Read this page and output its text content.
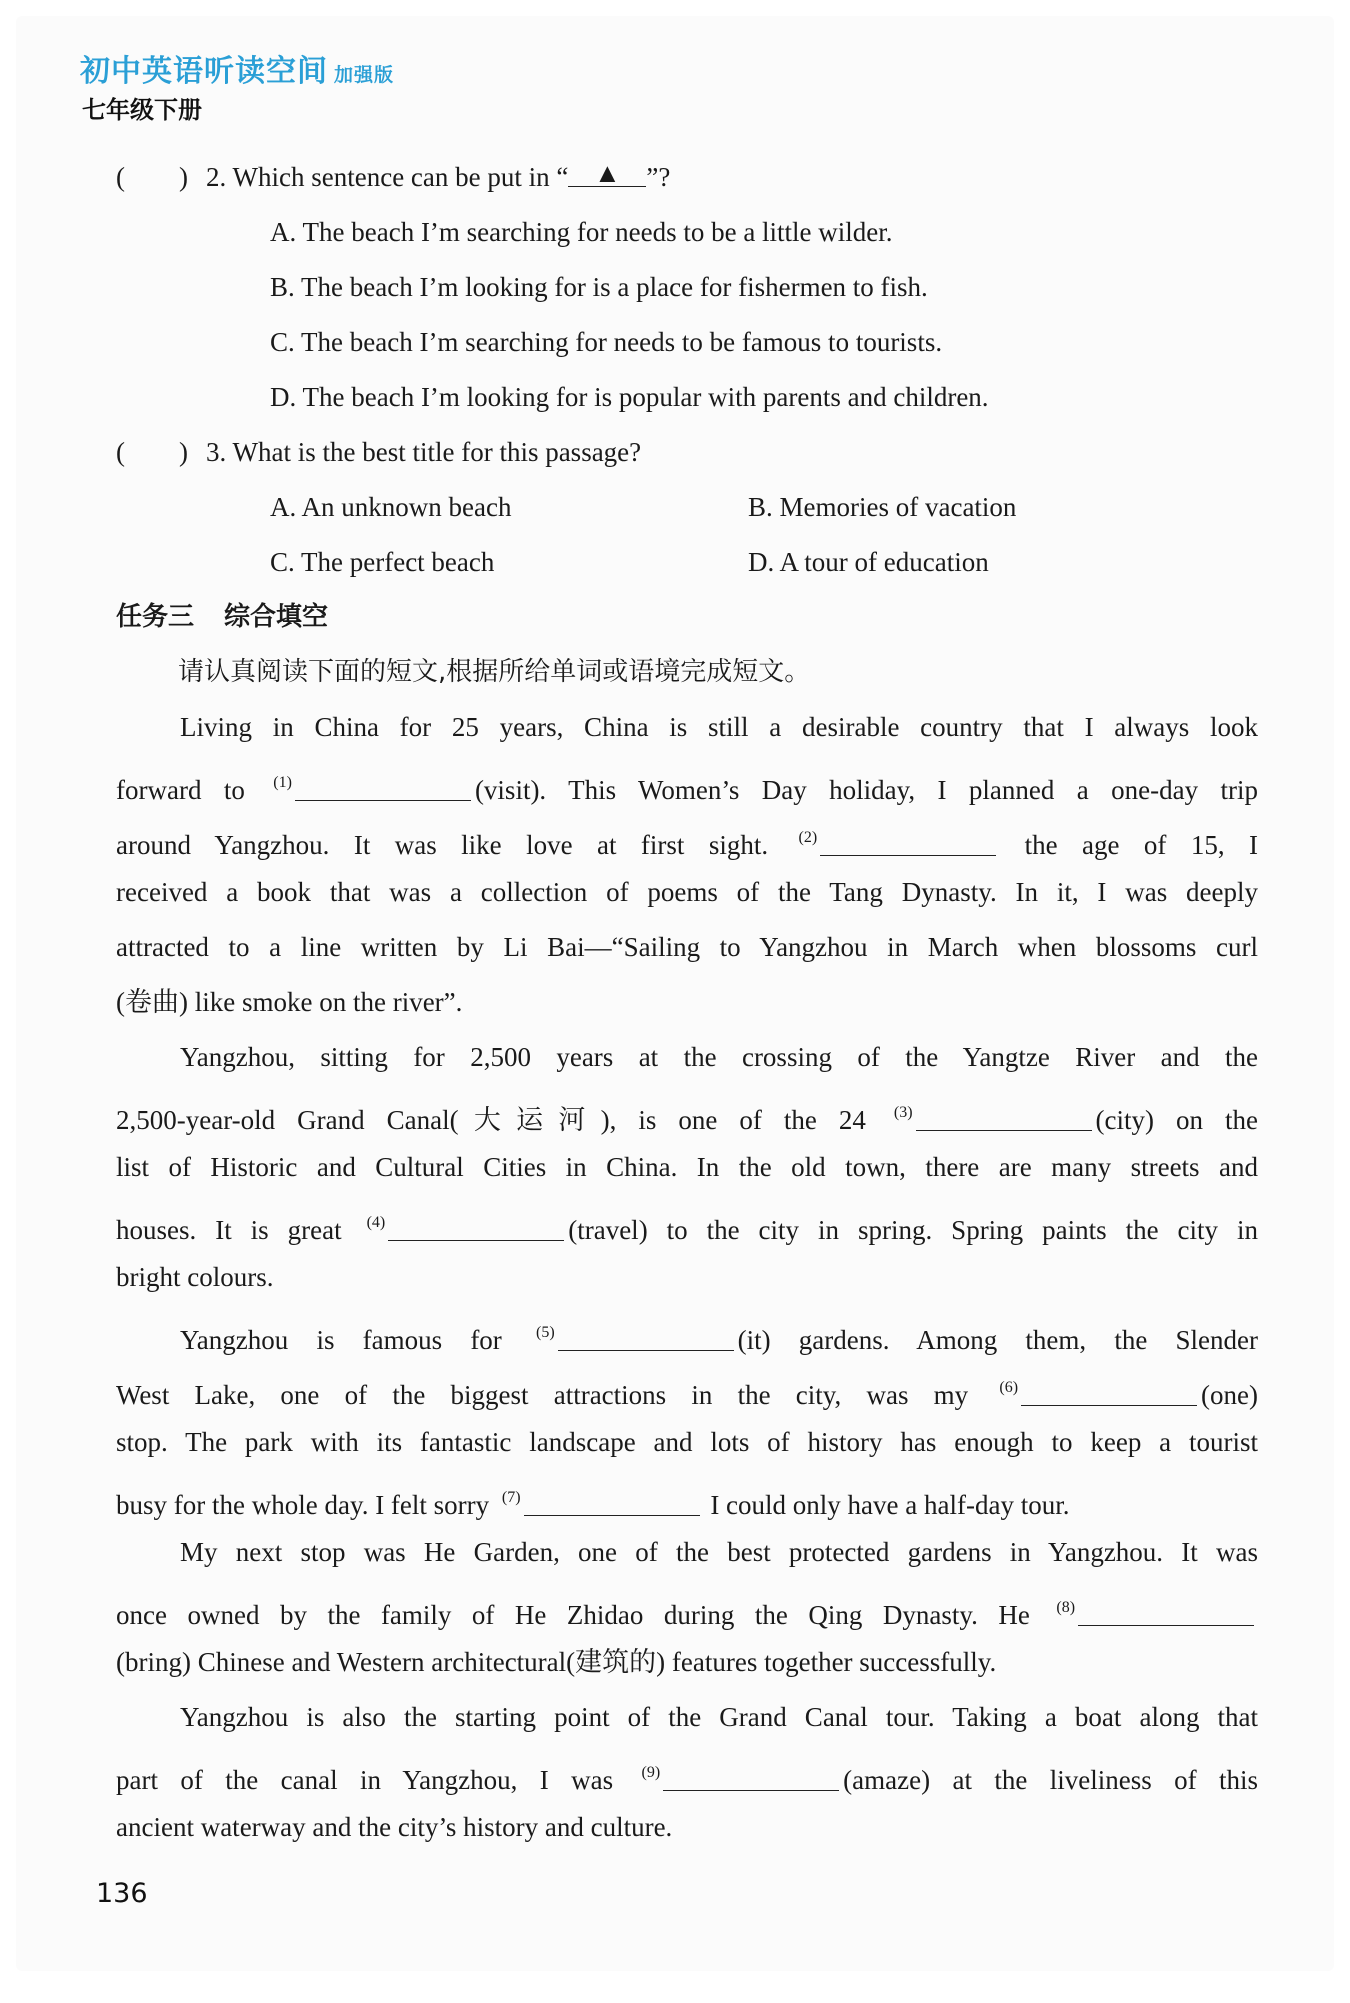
初中英语听读空间 加强版
七年级下册
(　　) 2. Which sentence can be put in “ ▲ ”?
A. The beach I’m searching for needs to be a little wilder.
B. The beach I’m looking for is a place for fishermen to fish.
C. The beach I’m searching for needs to be famous to tourists.
D. The beach I’m looking for is popular with parents and children.
(　　) 3. What is the best title for this passage?
A. An unknown beach	B. Memories of vacation
C. The perfect beach	D. A tour of education
任务三 综合填空
请认真阅读下面的短文,根据所给单词或语境完成短文。
Living in China for 25 years, China is still a desirable country that I always look
forward to $^{(1)}$	(visit). This Women’s Day holiday, I planned a one-day trip
around Yangzhou. It was like love at first sight. $^{(2)}$	the age of 15, I
received a book that was a collection of poems of the Tang Dynasty. In it, I was deeply
attracted to a line written by Li Bai—“Sailing to Yangzhou in March when blossoms curl
(卷曲) like smoke on the river”.
Yangzhou, sitting for 2,500 years at the crossing of the Yangtze River and the
2,500-year-old Grand Canal(大运河), is one of the 24 $^{(3)}$	(city) on the
list of Historic and Cultural Cities in China. In the old town, there are many streets and
houses. It is great $^{(4)}$	(travel) to the city in spring. Spring paints the city in
bright colours.
Yangzhou is famous for $^{(5)}$	(it) gardens. Among them, the Slender
West Lake, one of the biggest attractions in the city, was my $^{(6)}$	(one)
stop. The park with its fantastic landscape and lots of history has enough to keep a tourist
busy for the whole day. I felt sorry $^{(7)}$	I could only have a half-day tour.
My next stop was He Garden, one of the best protected gardens in Yangzhou. It was
once owned by the family of He Zhidao during the Qing Dynasty. He $^{(8)}$
(bring) Chinese and Western architectural(建筑的) features together successfully.
Yangzhou is also the starting point of the Grand Canal tour. Taking a boat along that
part of the canal in Yangzhou, I was $^{(9)}$	(amaze) at the liveliness of this
ancient waterway and the city’s history and culture.
136
